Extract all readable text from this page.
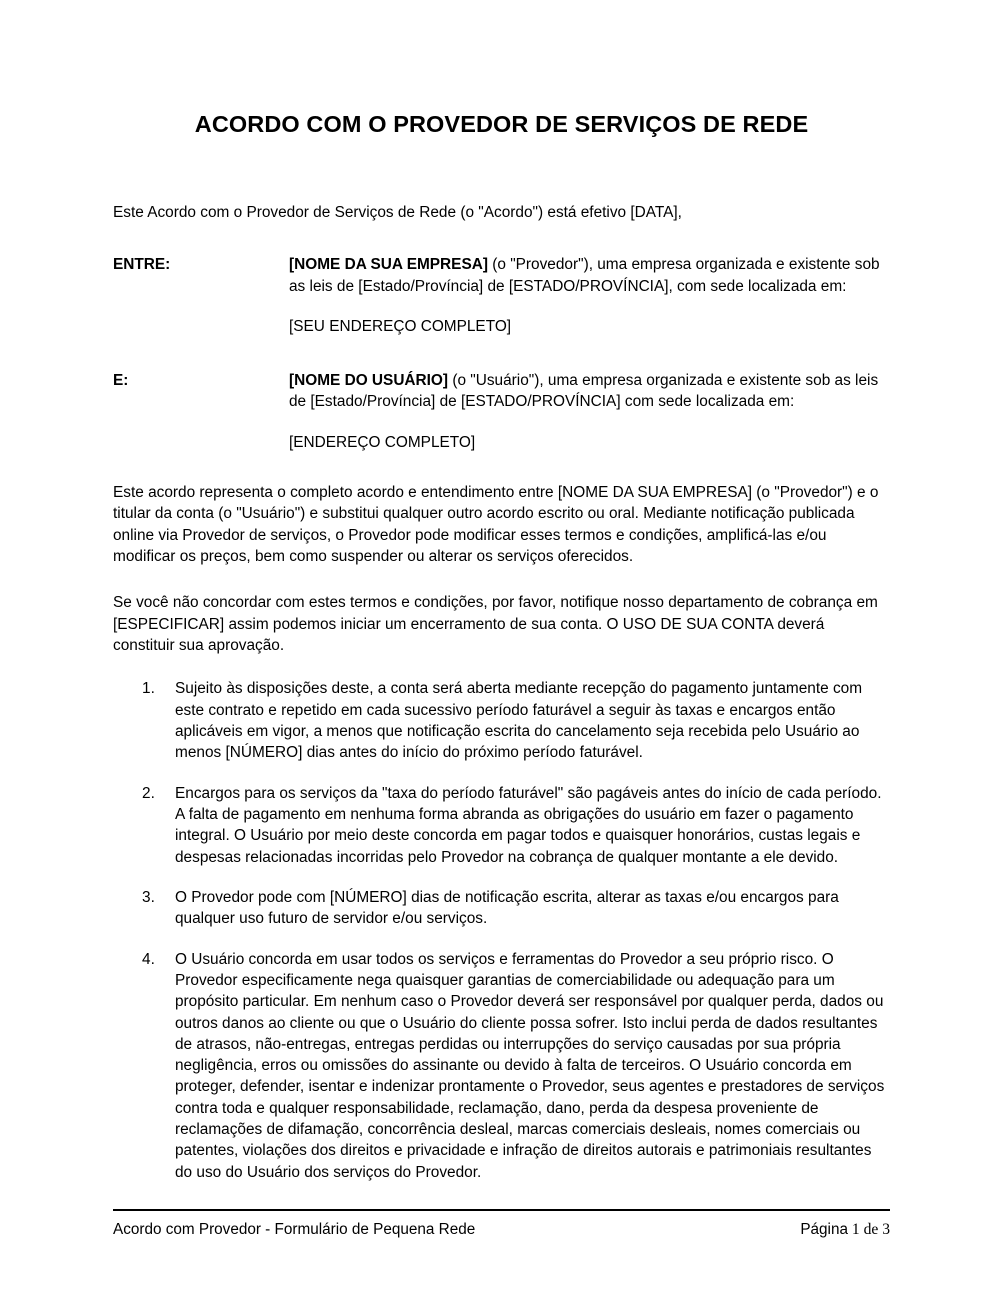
ACORDO COM O PROVEDOR DE SERVIÇOS DE REDE

Este Acordo com o Provedor de Serviços de Rede (o "Acordo") está efetivo [DATA],

ENTRE:	[NOME DA SUA EMPRESA] (o "Provedor"), uma empresa organizada e existente sob as leis de [Estado/Província] de [ESTADO/PROVÍNCIA], com sede localizada em:
[SEU ENDEREÇO COMPLETO]
E:	[NOME DO USUÁRIO] (o "Usuário"), uma empresa organizada e existente sob as leis de [Estado/Província] de [ESTADO/PROVÍNCIA] com sede localizada em:
[ENDEREÇO COMPLETO]

Este acordo representa o completo acordo e entendimento entre [NOME DA SUA EMPRESA] (o "Provedor") e o titular da conta (o "Usuário") e substitui qualquer outro acordo escrito ou oral. Mediante notificação publicada online via Provedor de serviços, o Provedor pode modificar esses termos e condições, amplificá-las e/ou modificar os preços, bem como suspender ou alterar os serviços oferecidos.

Se você não concordar com estes termos e condições, por favor, notifique nosso departamento de cobrança em [ESPECIFICAR] assim podemos iniciar um encerramento de sua conta. O USO DE SUA CONTA deverá constituir sua aprovação.

Sujeito às disposições deste, a conta será aberta mediante recepção do pagamento juntamente com este contrato e repetido em cada sucessivo período faturável a seguir às taxas e encargos então aplicáveis em vigor, a menos que notificação escrita do cancelamento seja recebida pelo Usuário ao menos [NÚMERO] dias antes do início do próximo período faturável.
Encargos para os serviços da "taxa do período faturável" são pagáveis antes do início de cada período. A falta de pagamento em nenhuma forma abranda as obrigações do usuário em fazer o pagamento integral. O Usuário por meio deste concorda em pagar todos e quaisquer honorários, custas legais e despesas relacionadas incorridas pelo Provedor na cobrança de qualquer montante a ele devido.
O Provedor pode com [NÚMERO] dias de notificação escrita, alterar as taxas e/ou encargos para qualquer uso futuro de servidor e/ou serviços.
O Usuário concorda em usar todos os serviços e ferramentas do Provedor a seu próprio risco. O Provedor especificamente nega quaisquer garantias de comerciabilidade ou adequação para um propósito particular. Em nenhum caso o Provedor deverá ser responsável por qualquer perda, dados ou outros danos ao cliente ou que o Usuário do cliente possa sofrer. Isto inclui perda de dados resultantes de atrasos, não-entregas, entregas perdidas ou interrupções do serviço causadas por sua própria negligência, erros ou omissões do assinante ou devido à falta de terceiros. O Usuário concorda em proteger, defender, isentar e indenizar prontamente o Provedor, seus agentes e prestadores de serviços contra toda e qualquer responsabilidade, reclamação, dano, perda da despesa proveniente de reclamações de difamação, concorrência desleal, marcas comerciais desleais, nomes comerciais ou patentes, violações dos direitos e privacidade e infração de direitos autorais e patrimoniais resultantes do uso do Usuário dos serviços do Provedor.
Acordo com Provedor - Formulário de Pequena Rede	Página 1 de 3
